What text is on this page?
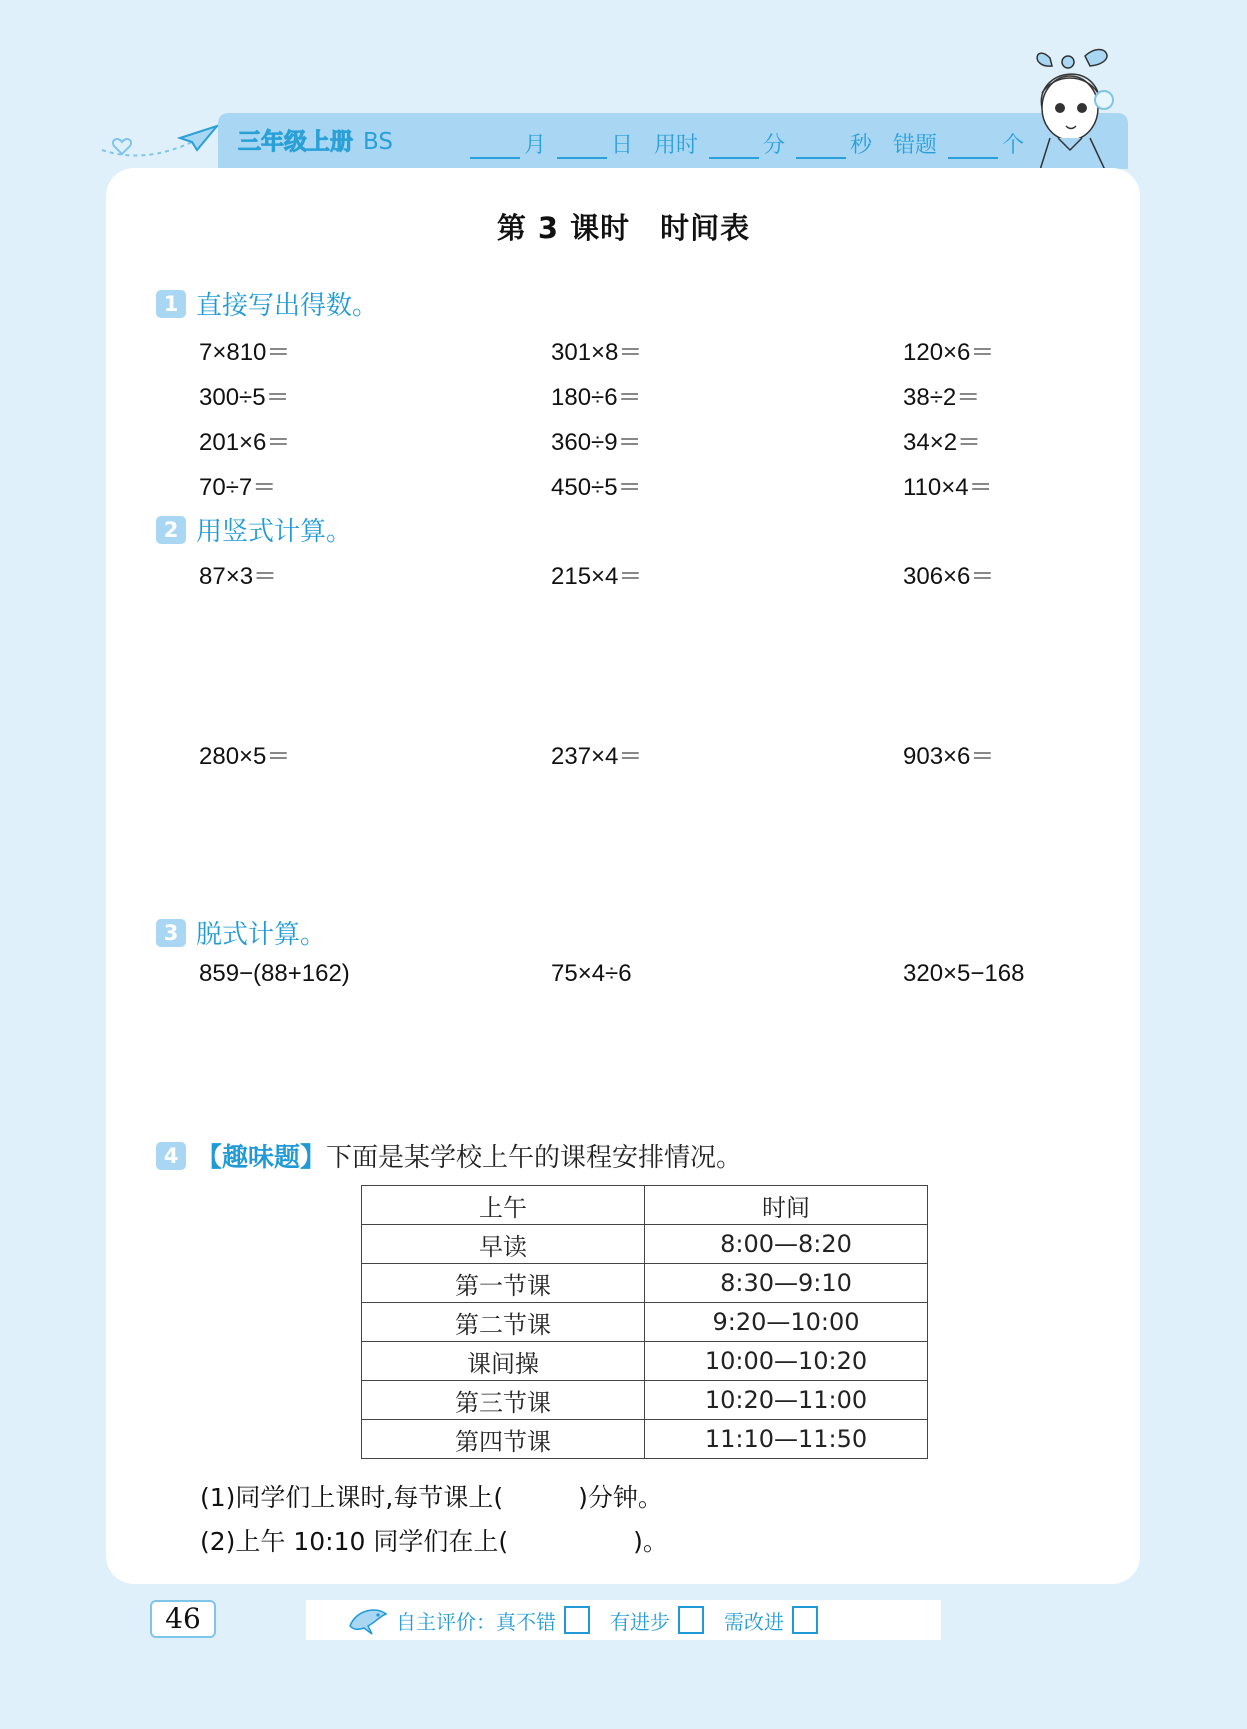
三年级上册 BS	月	日 用时	分	秒 错题	个
第 3 课时　时间表
1 直接写出得数。
7×810＝	301×8＝	120×6＝
300÷5＝	180÷6＝	38÷2＝
201×6＝	360÷9＝	34×2＝
70÷7＝	450÷5＝	110×4＝
2 用竖式计算。
87×3＝	215×4＝	306×6＝
280×5＝	237×4＝	903×6＝
3 脱式计算。
859−(88+162)	75×4÷6	320×5−168
4 【趣味题】 下面是某学校上午的课程安排情况。
上午	时间
早读	8:00—8:20
第一节课	8:30—9:10
第二节课	9:20—10:00
课间操	10:00—10:20
第三节课	10:20—11:00
第四节课	11:10—11:50
(1)同学们上课时,每节课上(　　　)分钟。
(2)上午 10:10 同学们在上(　　　　　)。
46	自主评价：真不错	有进步	需改进
